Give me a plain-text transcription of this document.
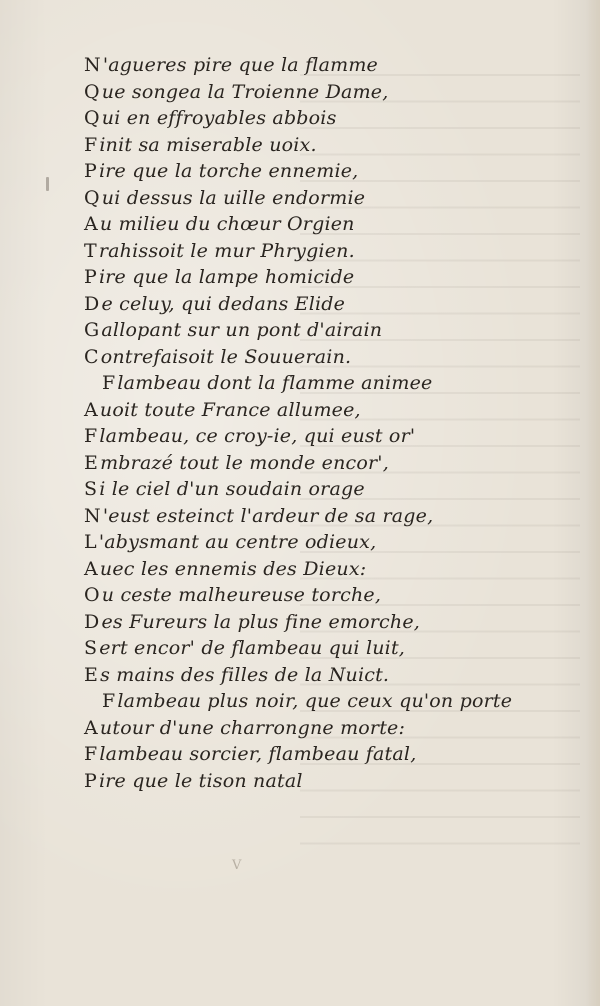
N 'agueres pire que la flamme
Q ue songea la Troienne Dame,
Q ui en effroyables abbois
F init sa miserable uoix.
P ire que la torche ennemie,
Q ui dessus la uille endormie
A u milieu du chœur Orgien
T rahissoit le mur Phrygien.
P ire que la lampe homicide
D e celuy, qui dedans Elide
G allopant sur un pont d'airain
C ontrefaisoit le Souuerain.
F lambeau dont la flamme animee
A uoit toute France allumee,
F lambeau, ce croy-ie, qui eust or'
E mbrazé tout le monde encor',
S i le ciel d'un soudain orage
N 'eust esteinct l'ardeur de sa rage,
L 'abysmant au centre odieux,
A uec les ennemis des Dieux:
O u ceste malheureuse torche,
D es Fureurs la plus fine emorche,
S ert encor' de flambeau qui luit,
E s mains des filles de la Nuict.
F lambeau plus noir, que ceux qu'on porte
A utour d'une charrongne morte:
F lambeau sorcier, flambeau fatal,
P ire que le tison natal
V
